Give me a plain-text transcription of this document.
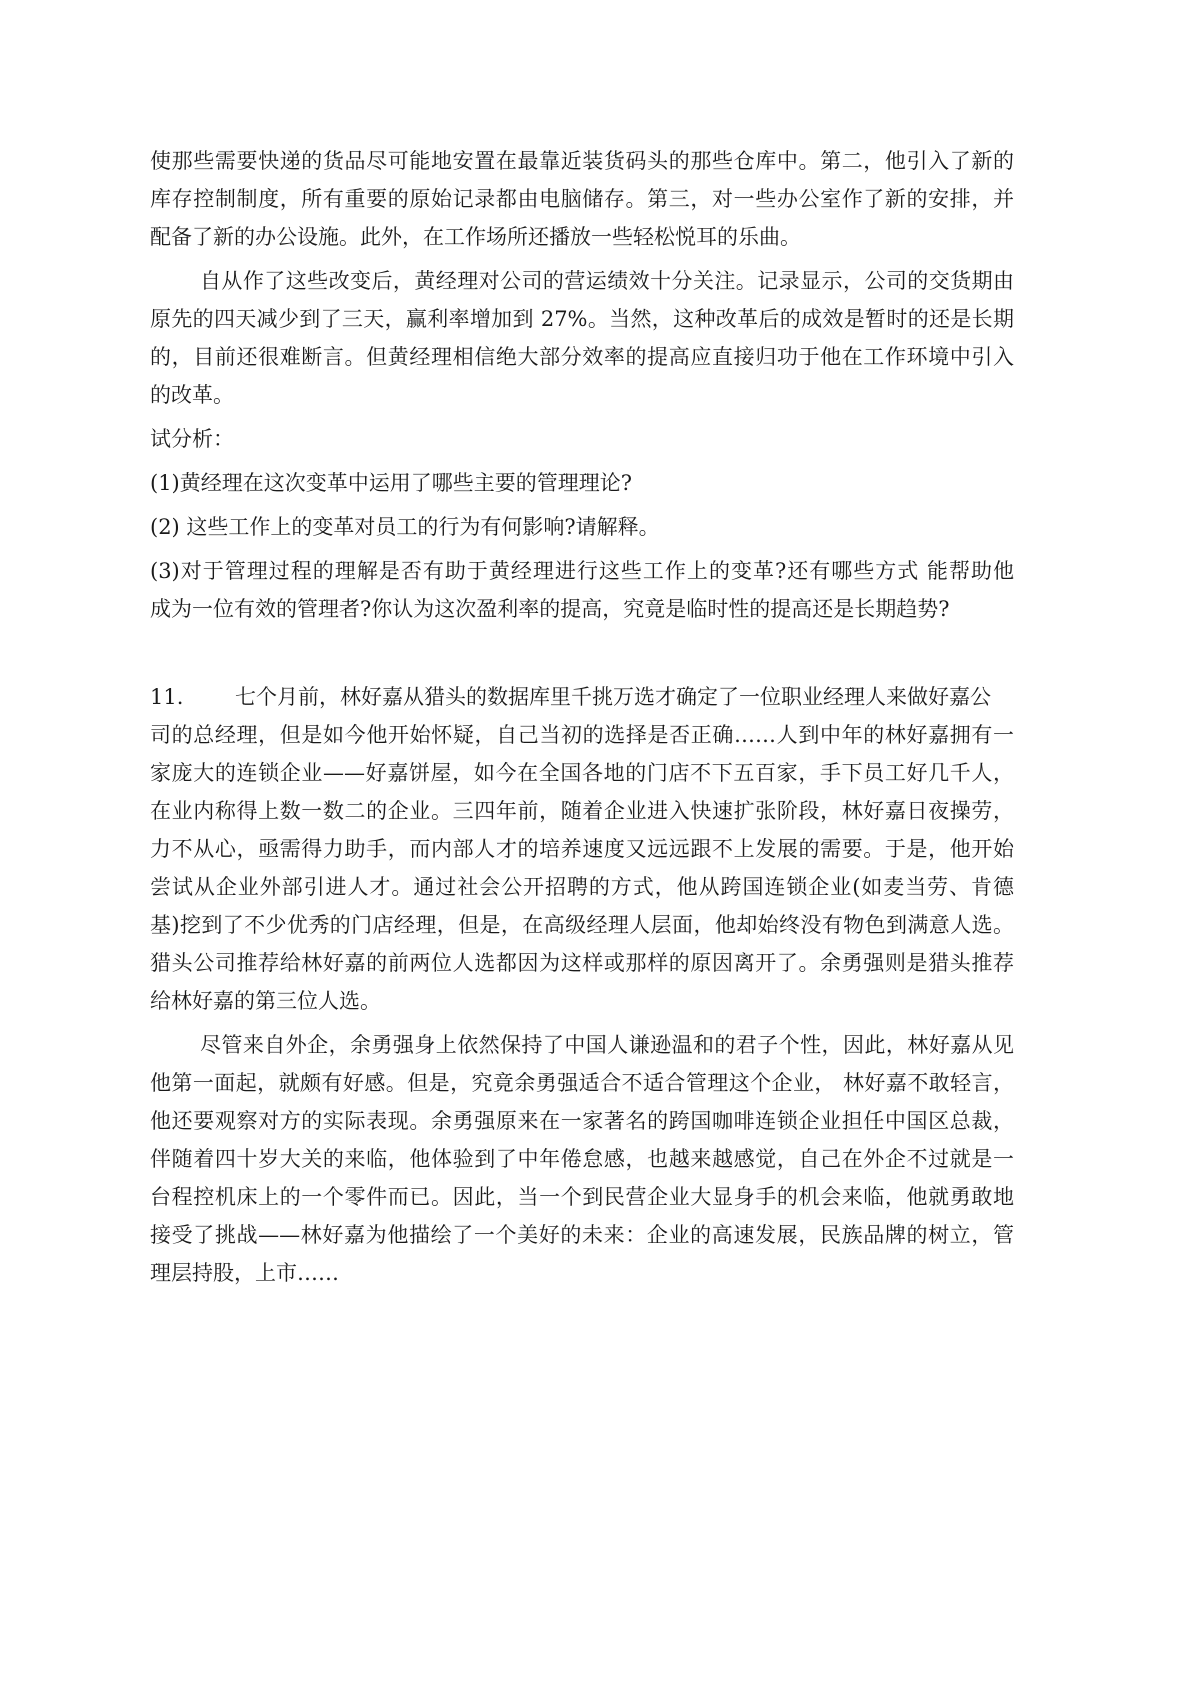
使那些需要快递的货品尽可能地安置在最靠近装货码头的那些仓库中。第二，他引入了新的
库存控制制度，所有重要的原始记录都由电脑储存。第三，对一些办公室作了新的安排，并
配备了新的办公设施。此外，在工作场所还播放一些轻松悦耳的乐曲。
自从作了这些改变后，黄经理对公司的营运绩效十分关注。记录显示，公司的交货期由
原先的四天减少到了三天，赢利率增加到 27%。当然，这种改革后的成效是暂时的还是长期
的，目前还很难断言。但黄经理相信绝大部分效率的提高应直接归功于他在工作环境中引入
的改革。
试分析：
(1)黄经理在这次变革中运用了哪些主要的管理理论?
(2) 这些工作上的变革对员工的行为有何影响?请解释。
(3)对于管理过程的理解是否有助于黄经理进行这些工作上的变革?还有哪些方式 能帮助他
成为一位有效的管理者?你认为这次盈利率的提高，究竟是临时性的提高还是长期趋势?
11. 七个月前，林好嘉从猎头的数据库里千挑万选才确定了一位职业经理人来做好嘉公
司的总经理，但是如今他开始怀疑，自己当初的选择是否正确……人到中年的林好嘉拥有一
家庞大的连锁企业——好嘉饼屋，如今在全国各地的门店不下五百家，手下员工好几千人，
在业内称得上数一数二的企业。三四年前，随着企业进入快速扩张阶段，林好嘉日夜操劳，
力不从心，亟需得力助手，而内部人才的培养速度又远远跟不上发展的需要。于是，他开始
尝试从企业外部引进人才。通过社会公开招聘的方式，他从跨国连锁企业(如麦当劳、肯德
基)挖到了不少优秀的门店经理，但是，在高级经理人层面，他却始终没有物色到满意人选。
猎头公司推荐给林好嘉的前两位人选都因为这样或那样的原因离开了。余勇强则是猎头推荐
给林好嘉的第三位人选。
尽管来自外企，余勇强身上依然保持了中国人谦逊温和的君子个性，因此，林好嘉从见
他第一面起，就颇有好感。但是，究竟余勇强适合不适合管理这个企业， 林好嘉不敢轻言，
他还要观察对方的实际表现。余勇强原来在一家著名的跨国咖啡连锁企业担任中国区总裁，
伴随着四十岁大关的来临，他体验到了中年倦怠感，也越来越感觉，自己在外企不过就是一
台程控机床上的一个零件而已。因此，当一个到民营企业大显身手的机会来临，他就勇敢地
接受了挑战——林好嘉为他描绘了一个美好的未来：企业的高速发展，民族品牌的树立，管
理层持股，上市……
